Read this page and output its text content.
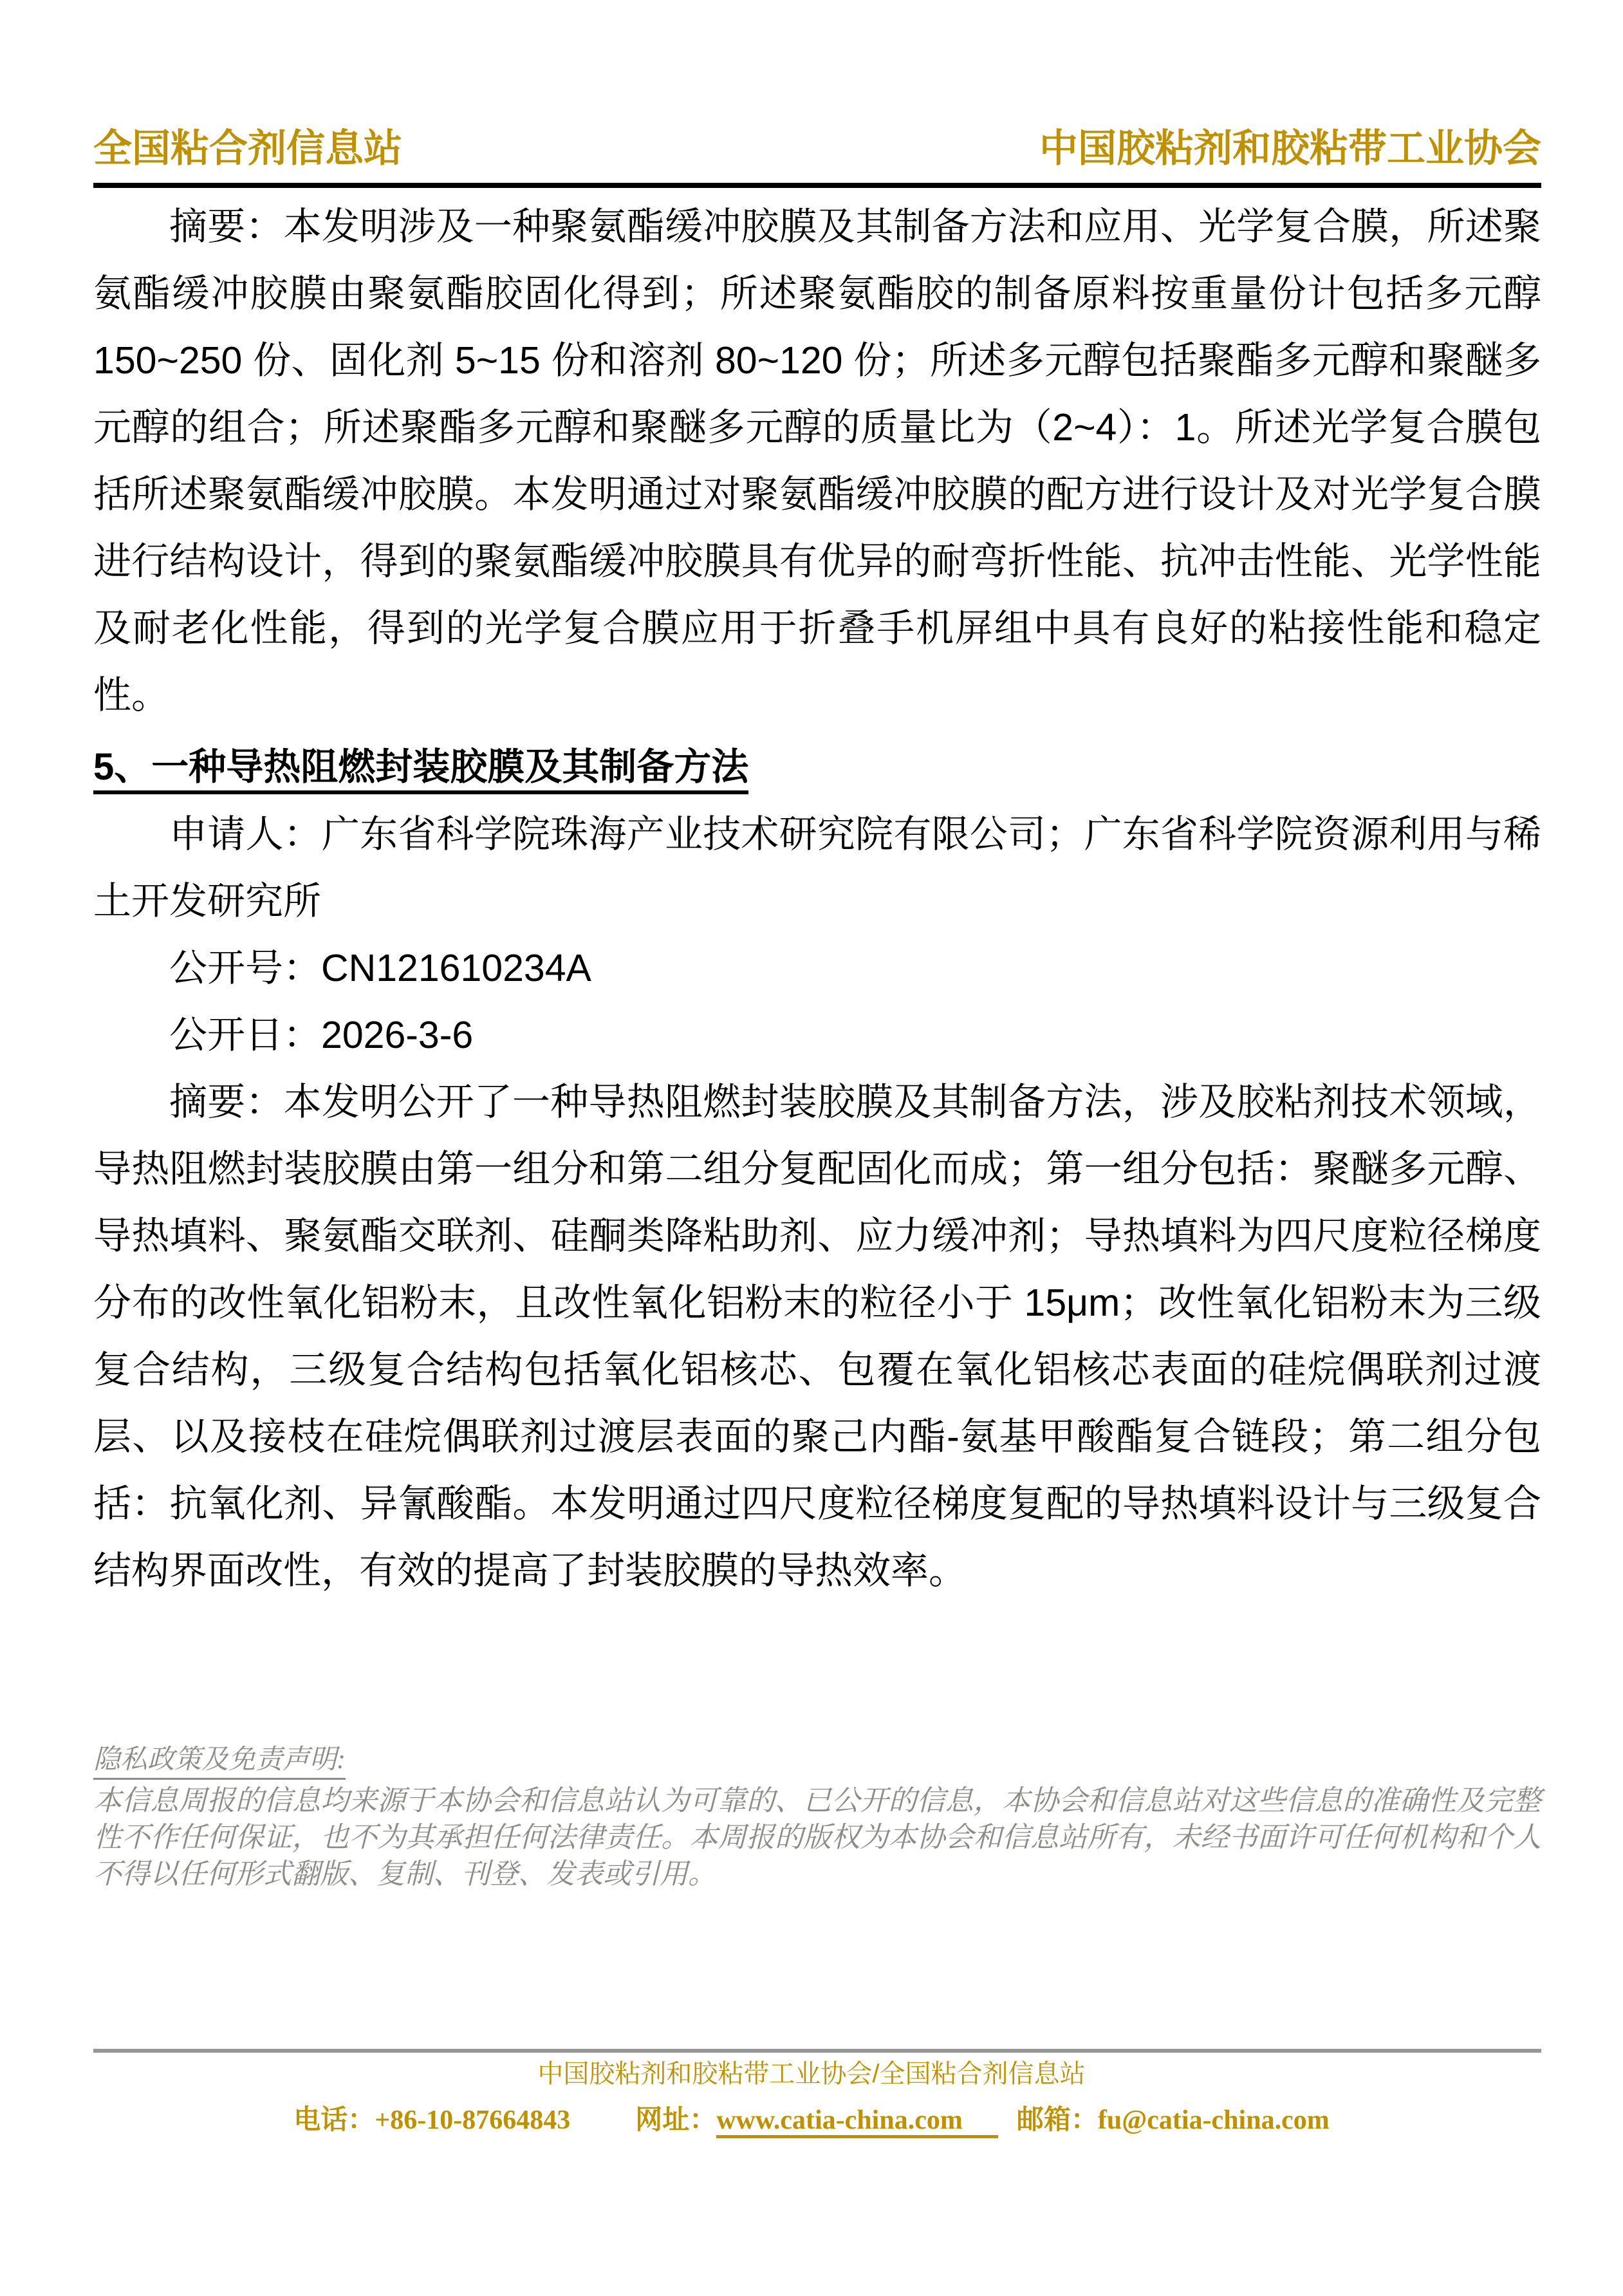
全国粘合剂信息站	中国胶粘剂和胶粘带工业协会

摘要：本发明涉及一种聚氨酯缓冲胶膜及其制备方法和应用、光学复合膜，所述聚氨酯缓冲胶膜由聚氨酯胶固化得到；所述聚氨酯胶的制备原料按重量份计包括多元醇 150~250 份、固化剂 5~15 份和溶剂 80~120 份；所述多元醇包括聚酯多元醇和聚醚多元醇的组合；所述聚酯多元醇和聚醚多元醇的质量比为（2~4）：1。所述光学复合膜包括所述聚氨酯缓冲胶膜。本发明通过对聚氨酯缓冲胶膜的配方进行设计及对光学复合膜进行结构设计，得到的聚氨酯缓冲胶膜具有优异的耐弯折性能、抗冲击性能、光学性能及耐老化性能，得到的光学复合膜应用于折叠手机屏组中具有良好的粘接性能和稳定性。

5、一种导热阻燃封装胶膜及其制备方法

申请人：广东省科学院珠海产业技术研究院有限公司；广东省科学院资源利用与稀土开发研究所

公开号：CN121610234A

公开日：2026-3-6

摘要：本发明公开了一种导热阻燃封装胶膜及其制备方法，涉及胶粘剂技术领域，导热阻燃封装胶膜由第一组分和第二组分复配固化而成；第一组分包括：聚醚多元醇、导热填料、聚氨酯交联剂、硅酮类降粘助剂、应力缓冲剂；导热填料为四尺度粒径梯度分布的改性氧化铝粉末，且改性氧化铝粉末的粒径小于 15μm；改性氧化铝粉末为三级复合结构，三级复合结构包括氧化铝核芯、包覆在氧化铝核芯表面的硅烷偶联剂过渡层、以及接枝在硅烷偶联剂过渡层表面的聚己内酯-氨基甲酸酯复合链段；第二组分包括：抗氧化剂、异氰酸酯。本发明通过四尺度粒径梯度复配的导热填料设计与三级复合结构界面改性，有效的提高了封装胶膜的导热效率。

隐私政策及免责声明:
本信息周报的信息均来源于本协会和信息站认为可靠的、已公开的信息，本协会和信息站对这些信息的准确性及完整性不作任何保证，也不为其承担任何法律责任。本周报的版权为本协会和信息站所有，未经书面许可任何机构和个人不得以任何形式翻版、复制、刊登、发表或引用。
中国胶粘剂和胶粘带工业协会/全国粘合剂信息站
电话：+86-10-87664843 网址：www.catia-china.com 邮箱：fu@catia-china.com
